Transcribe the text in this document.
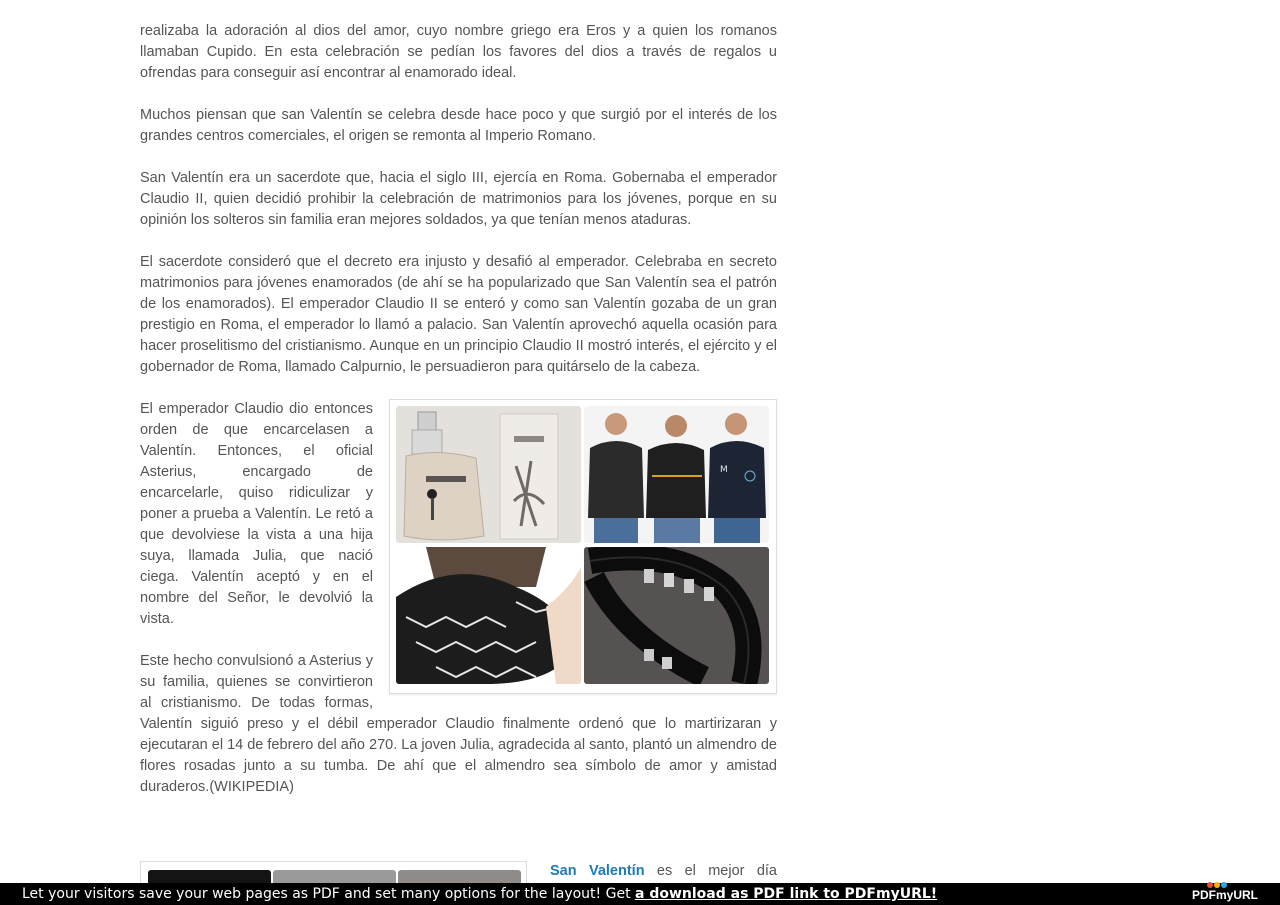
realizaba la adoración al dios del amor, cuyo nombre griego era Eros y a quien los romanos llamaban Cupido. En esta celebración se pedían los favores del dios a través de regalos u ofrendas para conseguir así encontrar al enamorado ideal.

Muchos piensan que san Valentín se celebra desde hace poco y que surgió por el interés de los grandes centros comerciales, el origen se remonta al Imperio Romano.

San Valentín era un sacerdote que, hacia el siglo III, ejercía en Roma. Gobernaba el emperador Claudio II, quien decidió prohibir la celebración de matrimonios para los jóvenes, porque en su opinión los solteros sin familia eran mejores soldados, ya que tenían menos ataduras.

El sacerdote consideró que el decreto era injusto y desafió al emperador. Celebraba en secreto matrimonios para jóvenes enamorados (de ahí se ha popularizado que San Valentín sea el patrón de los enamorados). El emperador Claudio II se enteró y como san Valentín gozaba de un gran prestigio en Roma, el emperador lo llamó a palacio. San Valentín aprovechó aquella ocasión para hacer proselitismo del cristianismo. Aunque en un principio Claudio II mostró interés, el ejército y el gobernador de Roma, llamado Calpurnio, le persuadieron para quitárselo de la cabeza.

M

El emperador Claudio dio entonces orden de que encarcelasen a Valentín. Entonces, el oficial Asterius, encargado de encarcelarle, quiso ridiculizar y poner a prueba a Valentín. Le retó a que devolviese la vista a una hija suya, llamada Julia, que nació ciega. Valentín aceptó y en el nombre del Señor, le devolvió la vista.

Este hecho convulsionó a Asterius y su familia, quienes se convirtieron al cristianismo. De todas formas, Valentín siguió preso y el débil emperador Claudio finalmente ordenó que lo martirizaran y ejecutaran el 14 de febrero del año 270. La joven Julia, agradecida al santo, plantó un almendro de flores rosadas junto a su tumba. De ahí que el almendro sea símbolo de amor y amistad duraderos.(WIKIPEDIA)

San Valentín es el mejor día
Let your visitors save your web pages as PDF and set many options for the layout! Get a download as PDF link to PDFmyURL!	PDFmyURL
